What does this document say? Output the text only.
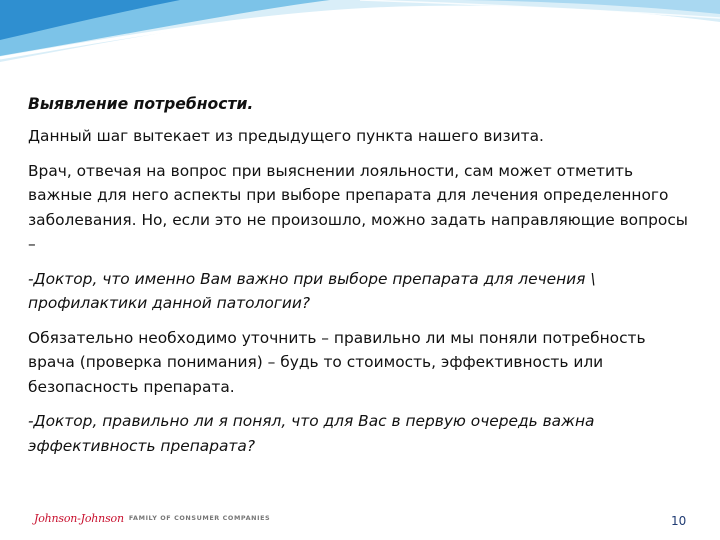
Выявление потребности.

Данный шаг вытекает из предыдущего пункта нашего визита.

Врач, отвечая на вопрос при выяснении лояльности, сам может отметить важные для него аспекты при выборе препарата для лечения определенного заболевания. Но, если это не произошло, можно задать направляющие вопросы –

-Доктор, что именно Вам важно при выборе препарата для лечения \ профилактики данной патологии?

Обязательно необходимо уточнить – правильно ли мы поняли потребность врача (проверка понимания) – будь то стоимость, эффективность или безопасность препарата.

-Доктор, правильно ли я понял, что для Вас в первую очередь важна эффективность препарата?

Johnson-Johnson FAMILY OF CONSUMER COMPANIES	10
